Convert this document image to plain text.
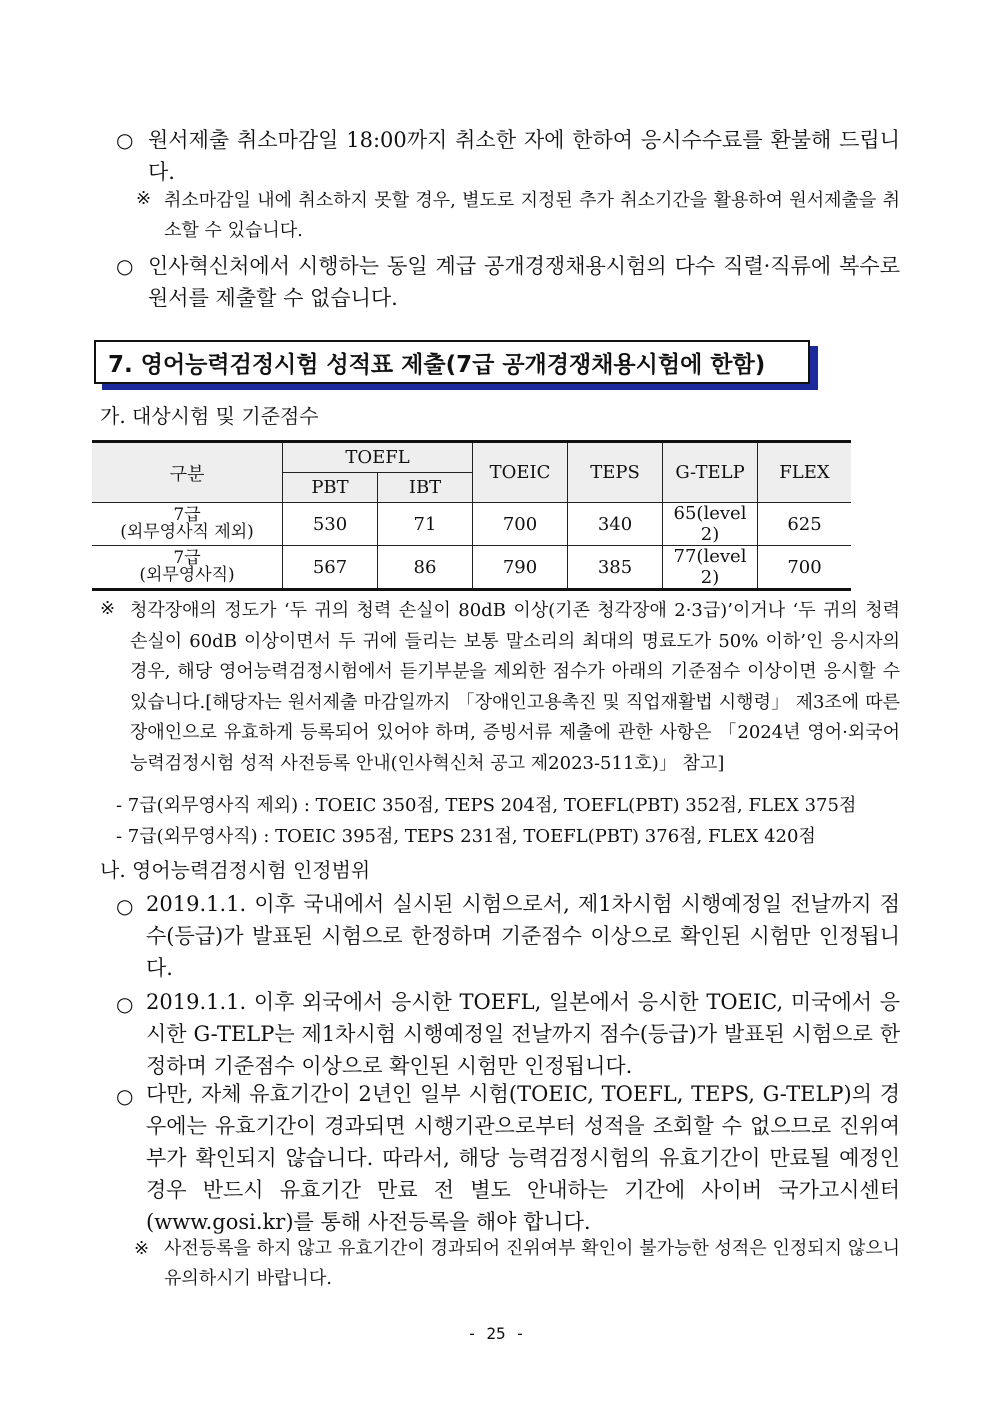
○ 원서제출 취소마감일 18:00까지 취소한 자에 한하여 응시수수료를 환불해 드립니다.
※ 취소마감일 내에 취소하지 못할 경우, 별도로 지정된 추가 취소기간을 활용하여 원서제출을 취소할 수 있습니다.
○ 인사혁신처에서 시행하는 동일 계급 공개경쟁채용시험의 다수 직렬·직류에 복수로 원서를 제출할 수 없습니다.
7. 영어능력검정시험 성적표 제출(7급 공개경쟁채용시험에 한함)
가. 대상시험 및 기준점수
구분	TOEFL		TOEIC	TEPS	G-TELP	FLEX
	PBT	IBT				

7급
(외무영사직 제외)	530	71	700	340	65(level 2)	625

7급
(외무영사직)	567	86	790	385	77(level 2)	700
※ 청각장애의 정도가 ‘두 귀의 청력 손실이 80dB 이상(기존 청각장애 2·3급)’이거나 ‘두 귀의 청력 손실이 60dB 이상이면서 두 귀에 들리는 보통 말소리의 최대의 명료도가 50% 이하’인 응시자의 경우, 해당 영어능력검정시험에서 듣기부분을 제외한 점수가 아래의 기준점수 이상이면 응시할 수 있습니다.[해당자는 원서제출 마감일까지 「장애인고용촉진 및 직업재활법 시행령」 제3조에 따른 장애인으로 유효하게 등록되어 있어야 하며, 증빙서류 제출에 관한 사항은 「2024년 영어·외국어능력검정시험 성적 사전등록 안내(인사혁신처 공고 제2023-511호)」 참고]
- 7급(외무영사직 제외) : TOEIC 350점, TEPS 204점, TOEFL(PBT) 352점, FLEX 375점
- 7급(외무영사직) : TOEIC 395점, TEPS 231점, TOEFL(PBT) 376점, FLEX 420점
나. 영어능력검정시험 인정범위
○ 2019.1.1. 이후 국내에서 실시된 시험으로서, 제1차시험 시행예정일 전날까지 점수(등급)가 발표된 시험으로 한정하며 기준점수 이상으로 확인된 시험만 인정됩니다.
○ 2019.1.1. 이후 외국에서 응시한 TOEFL, 일본에서 응시한 TOEIC, 미국에서 응시한 G-TELP는 제1차시험 시행예정일 전날까지 점수(등급)가 발표된 시험으로 한정하며 기준점수 이상으로 확인된 시험만 인정됩니다.
○ 다만, 자체 유효기간이 2년인 일부 시험(TOEIC, TOEFL, TEPS, G-TELP)의 경우에는 유효기간이 경과되면 시행기관으로부터 성적을 조회할 수 없으므로 진위여부가 확인되지 않습니다. 따라서, 해당 능력검정시험의 유효기간이 만료될 예정인 경우 반드시 유효기간 만료 전 별도 안내하는 기간에 사이버 국가고시센터(www.gosi.kr)를 통해 사전등록을 해야 합니다.
※ 사전등록을 하지 않고 유효기간이 경과되어 진위여부 확인이 불가능한 성적은 인정되지 않으니 유의하시기 바랍니다.
- 25 -
